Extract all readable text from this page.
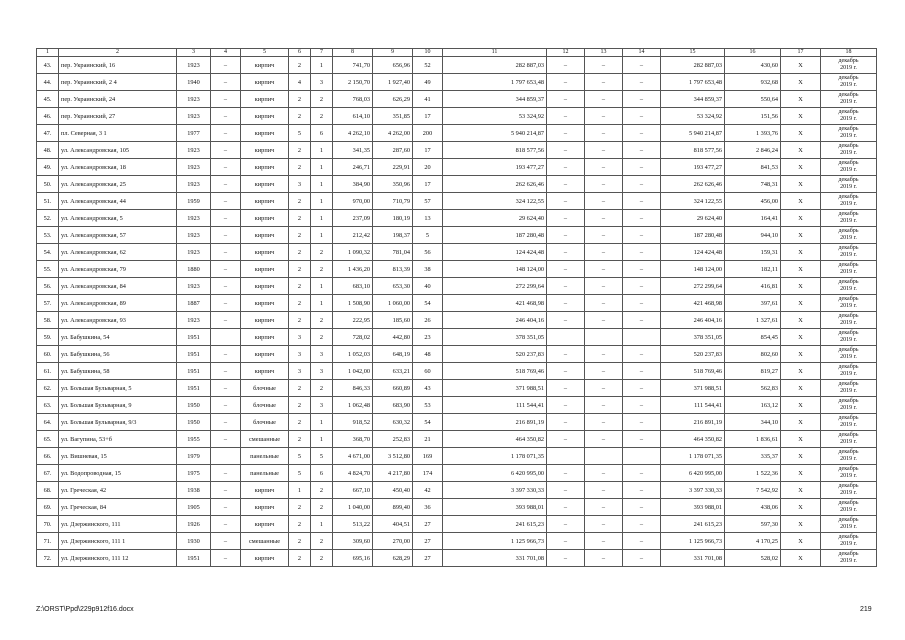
1	2	3	4	5	6	7	8	9	10	11	12	13	14	15	16	17	18
43.	пер. Украинский, 16	1923	–	кирпич	2	1	741,70	656,96	52	282 887,03	–	–	–	282 887,03	430,60	X	декабрь
2019 г.

44.	пер. Украинский, 2 4	1940	–	кирпич	4	3	2 150,70	1 927,40	49	1 797 653,48	–	–	–	1 797 653,48	932,68	X	декабрь
2019 г.

45.	пер. Украинский, 24	1923	–	кирпич	2	2	768,03	626,29	41	344 859,37	–	–	–	344 859,37	550,64	X	декабрь
2019 г.

46.	пер. Украинский, 27	1923	–	кирпич	2	2	614,10	351,85	17	53 324,92	–	–	–	53 324,92	151,56	X	декабрь
2019 г.

47.	пл. Северная, 3 1	1977	–	кирпич	5	6	4 262,10	4 262,00	200	5 940 214,87	–	–	–	5 940 214,87	1 393,76	X	декабрь
2019 г.

48.	ул. Александровская, 105	1923	–	кирпич	2	1	341,35	287,60	17	818 577,56	–	–	–	818 577,56	2 846,24	X	декабрь
2019 г.

49.	ул. Александровская, 18	1923	–	кирпич	2	1	246,71	229,91	20	193 477,27	–	–	–	193 477,27	841,53	X	декабрь
2019 г.

50.	ул. Александровская, 25	1923	–	кирпич	3	1	384,90	350,96	17	262 626,46	–	–	–	262 626,46	748,31	X	декабрь
2019 г.

51.	ул. Александровская, 44	1959	–	кирпич	2	1	970,00	710,79	57	324 122,55	–	–	–	324 122,55	456,00	X	декабрь
2019 г.

52.	ул. Александровская, 5	1923	–	кирпич	2	1	237,09	180,19	13	29 624,40	–	–	–	29 624,40	164,41	X	декабрь
2019 г.

53.	ул. Александровская, 57	1923	–	кирпич	2	1	212,42	198,37	5	187 280,48	–	–	–	187 280,48	944,10	X	декабрь
2019 г.

54.	ул. Александровская, 62	1923	–	кирпич	2	2	1 090,32	781,04	56	124 424,48	–	–	–	124 424,48	159,31	X	декабрь
2019 г.

55.	ул. Александровская, 79	1880	–	кирпич	2	2	1 436,20	813,39	38	148 124,00	–	–	–	148 124,00	182,11	X	декабрь
2019 г.

56.	ул. Александровская, 84	1923	–	кирпич	2	1	683,10	653,30	40	272 299,64	–	–	–	272 299,64	416,81	X	декабрь
2019 г.

57.	ул. Александровская, 89	1887	–	кирпич	2	1	1 508,90	1 060,00	54	421 468,98	–	–	–	421 468,98	397,61	X	декабрь
2019 г.

58.	ул. Александровская, 93	1923	–	кирпич	2	2	222,95	185,60	26	246 404,16	–	–	–	246 404,16	1 327,61	X	декабрь
2019 г.

59.	ул. Бабушкина, 54	1951		кирпич	3	2	728,02	442,80	23	378 351,05				378 351,05	854,45	X	декабрь
2019 г.

60.	ул. Бабушкина, 56	1951	–	кирпич	3	3	1 052,03	648,19	48	520 237,83	–	–	–	520 237,83	802,60	X	декабрь
2019 г.

61.	ул. Бабушкина, 58	1951	–	кирпич	3	3	1 042,00	633,21	60	518 769,46	–	–	–	518 769,46	819,27	X	декабрь
2019 г.

62.	ул. Большая Бульварная, 5	1951	–	блочные	2	2	846,33	660,89	43	371 988,51	–	–	–	371 988,51	562,83	X	декабрь
2019 г.

63.	ул. Большая Бульварная, 9	1950	–	блочные	2	3	1 062,48	683,90	53	111 544,41	–	–	–	111 544,41	163,12	X	декабрь
2019 г.

64.	ул. Большая Бульварная, 9/3	1950	–	блочные	2	1	918,52	630,32	54	216 891,19	–	–	–	216 891,19	344,10	X	декабрь
2019 г.

65.	ул. Вагупина, 53+б	1955	–	смешанные	2	1	368,70	252,83	21	464 350,82	–	–	–	464 350,82	1 836,61	X	декабрь
2019 г.

66.	ул. Вишневая, 15	1979		панельные	5	5	4 671,00	3 512,80	169	1 178 071,35				1 178 071,35	335,37	X	декабрь
2019 г.

67.	ул. Водопроводная, 15	1975	–	панельные	5	6	4 824,70	4 217,80	174	6 420 995,00	–	–	–	6 420 995,00	1 522,36	X	декабрь
2019 г.

68.	ул. Греческая, 42	1938	–	кирпич	1	2	667,10	450,40	42	3 397 330,33	–	–	–	3 397 330,33	7 542,92	X	декабрь
2019 г.

69.	ул. Греческая, 84	1905	–	кирпич	2	2	1 040,00	899,40	36	393 988,01	–	–	–	393 988,01	438,06	X	декабрь
2019 г.

70.	ул. Дзержинского, 111	1926	–	кирпич	2	1	513,22	404,51	27	241 615,23	–	–	–	241 615,23	597,30	X	декабрь
2019 г.

71.	ул. Дзержинского, 111 1	1930	–	смешанные	2	2	309,60	270,00	27	1 125 966,73	–	–	–	1 125 966,73	4 170,25	X	декабрь
2019 г.

72.	ул. Дзержинского, 111 12	1951	–	кирпич	2	2	695,16	628,29	27	331 701,08	–	–	–	331 701,08	528,02	X	декабрь
2019 г.
Z:\ORST\Ppd\229p912f16.docx	219
